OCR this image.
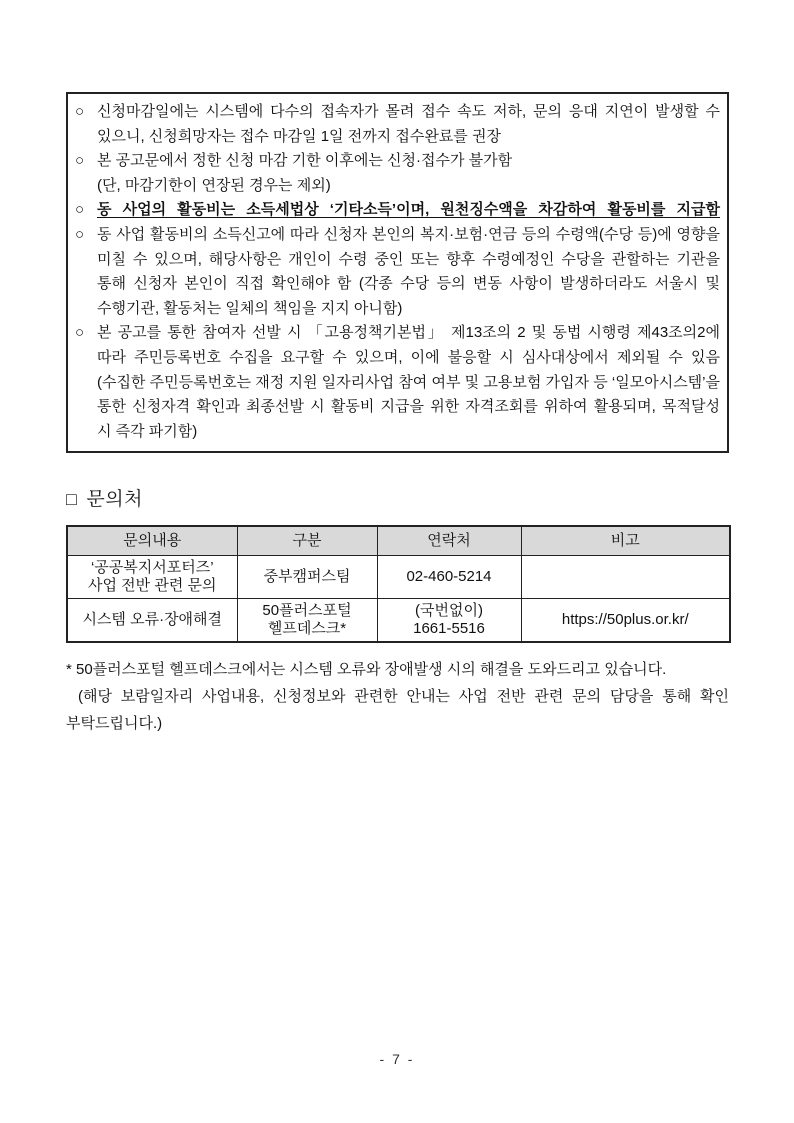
○ 신청마감일에는 시스템에 다수의 접속자가 몰려 접수 속도 저하, 문의 응대 지연이 발생할 수
있으니, 신청희망자는 접수 마감일 1일 전까지 접수완료를 권장
○ 본 공고문에서 정한 신청 마감 기한 이후에는 신청·접수가 불가함
(단, 마감기한이 연장된 경우는 제외)
○ 동 사업의 활동비는 소득세법상 ‘기타소득’이며, 원천징수액을 차감하여 활동비를 지급함
○ 동 사업 활동비의 소득신고에 따라 신청자 본인의 복지·보험·연금 등의 수령액(수당 등)에 영향을
미칠 수 있으며, 해당사항은 개인이 수령 중인 또는 향후 수령예정인 수당을 관할하는 기관을
통해 신청자 본인이 직접 확인해야 함 (각종 수당 등의 변동 사항이 발생하더라도 서울시 및
수행기관, 활동처는 일체의 책임을 지지 아니함)
○ 본 공고를 통한 참여자 선발 시 「고용정책기본법」 제13조의 2 및 동법 시행령 제43조의2에
따라 주민등록번호 수집을 요구할 수 있으며, 이에 불응할 시 심사대상에서 제외될 수 있음
(수집한 주민등록번호는 재정 지원 일자리사업 참여 여부 및 고용보험 가입자 등 ‘일모아시스템’을
통한 신청자격 확인과 최종선발 시 활동비 지급을 위한 자격조회를 위하여 활용되며, 목적달성
시 즉각 파기함)
□ 문의처
문의내용	구분	연락처	비고

‘공공복지서포터즈’
사업 전반 관련 문의	중부캠퍼스팀	02-460-5214	

시스템 오류·장애해결	50플러스포털
헬프데스크*	(국번없이)
1661-5516	https://50plus.or.kr/
* 50플러스포털 헬프데스크에서는 시스템 오류와 장애발생 시의 해결을 도와드리고 있습니다.
(해당 보람일자리 사업내용, 신청정보와 관련한 안내는 사업 전반 관련 문의 담당을 통해 확인
부탁드립니다.)
- 7 -
